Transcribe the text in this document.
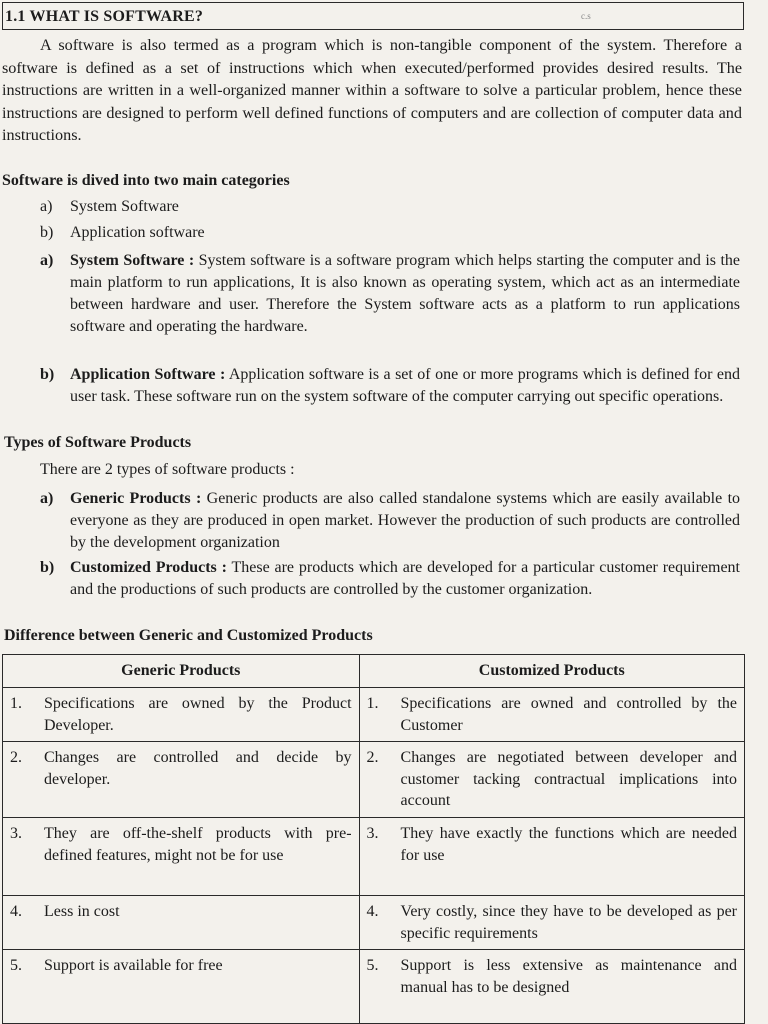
1.1 WHAT IS SOFTWARE?	c.s
A software is also termed as a program which is non-tangible component of the system. Therefore a software is defined as a set of instructions which when executed/performed provides desired results. The instructions are written in a well-organized manner within a software to solve a particular problem, hence these instructions are designed to perform well defined functions of computers and are collection of computer data and instructions.
Software is dived into two main categories
a) System Software
b) Application software
a) System Software : System software is a software program which helps starting the computer and is the main platform to run applications, It is also known as operating system, which act as an intermediate between hardware and user. Therefore the System software acts as a platform to run applications software and operating the hardware.
b) Application Software : Application software is a set of one or more programs which is defined for end user task. These software run on the system software of the computer carrying out specific operations.
Types of Software Products
There are 2 types of software products :
a) Generic Products : Generic products are also called standalone systems which are easily available to everyone as they are produced in open market. However the production of such products are controlled by the development organization
b) Customized Products : These are products which are developed for a particular customer requirement and the productions of such products are controlled by the customer organization.
Difference between Generic and Customized Products
Generic Products	Customized Products

1. Specifications are owned by the Product Developer.	1. Specifications are owned and controlled by the Customer

2. Changes are controlled and decide by developer.	2. Changes are negotiated between developer and customer tacking contractual implications into account

3. They are off-the-shelf products with pre-defined features, might not be for use	3. They have exactly the functions which are needed for use

4. Less in cost	4. Very costly, since they have to be developed as per specific requirements

5. Support is available for free	5. Support is less extensive as maintenance and manual has to be designed
